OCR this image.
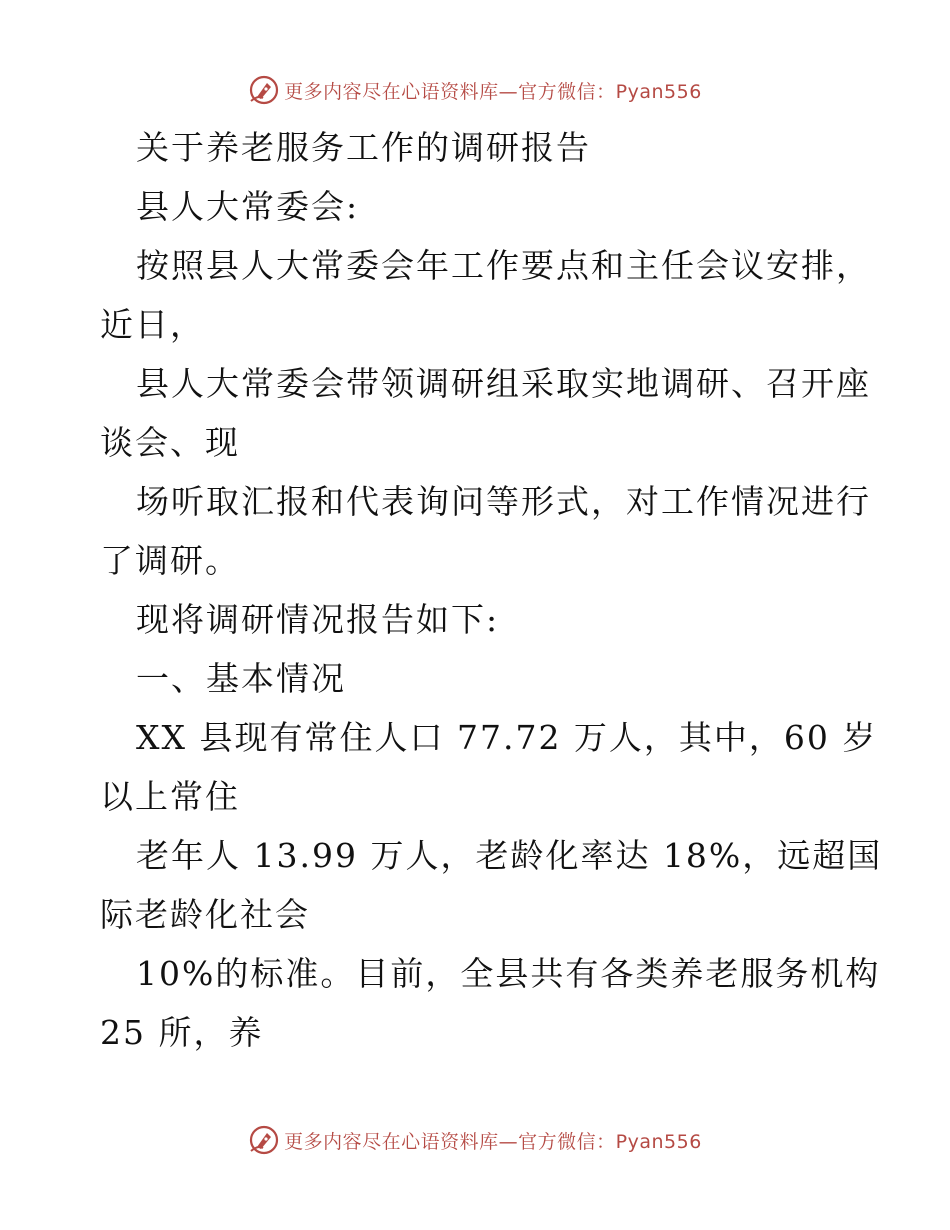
更多内容尽在心语资料库—官方微信：Pyan556
关于养老服务工作的调研报告
县人大常委会:
按照县人大常委会年工作要点和主任会议安排，
近日，
县人大常委会带领调研组采取实地调研、召开座
谈会、现
场听取汇报和代表询问等形式，对工作情况进行
了调研。
现将调研情况报告如下:
一、基本情况
XX 县现有常住人口 77.72 万人，其中，60 岁
以上常住
老年人 13.99 万人，老龄化率达 18%，远超国
际老龄化社会
10%的标准。目前，全县共有各类养老服务机构
25 所，养
更多内容尽在心语资料库—官方微信：Pyan556
